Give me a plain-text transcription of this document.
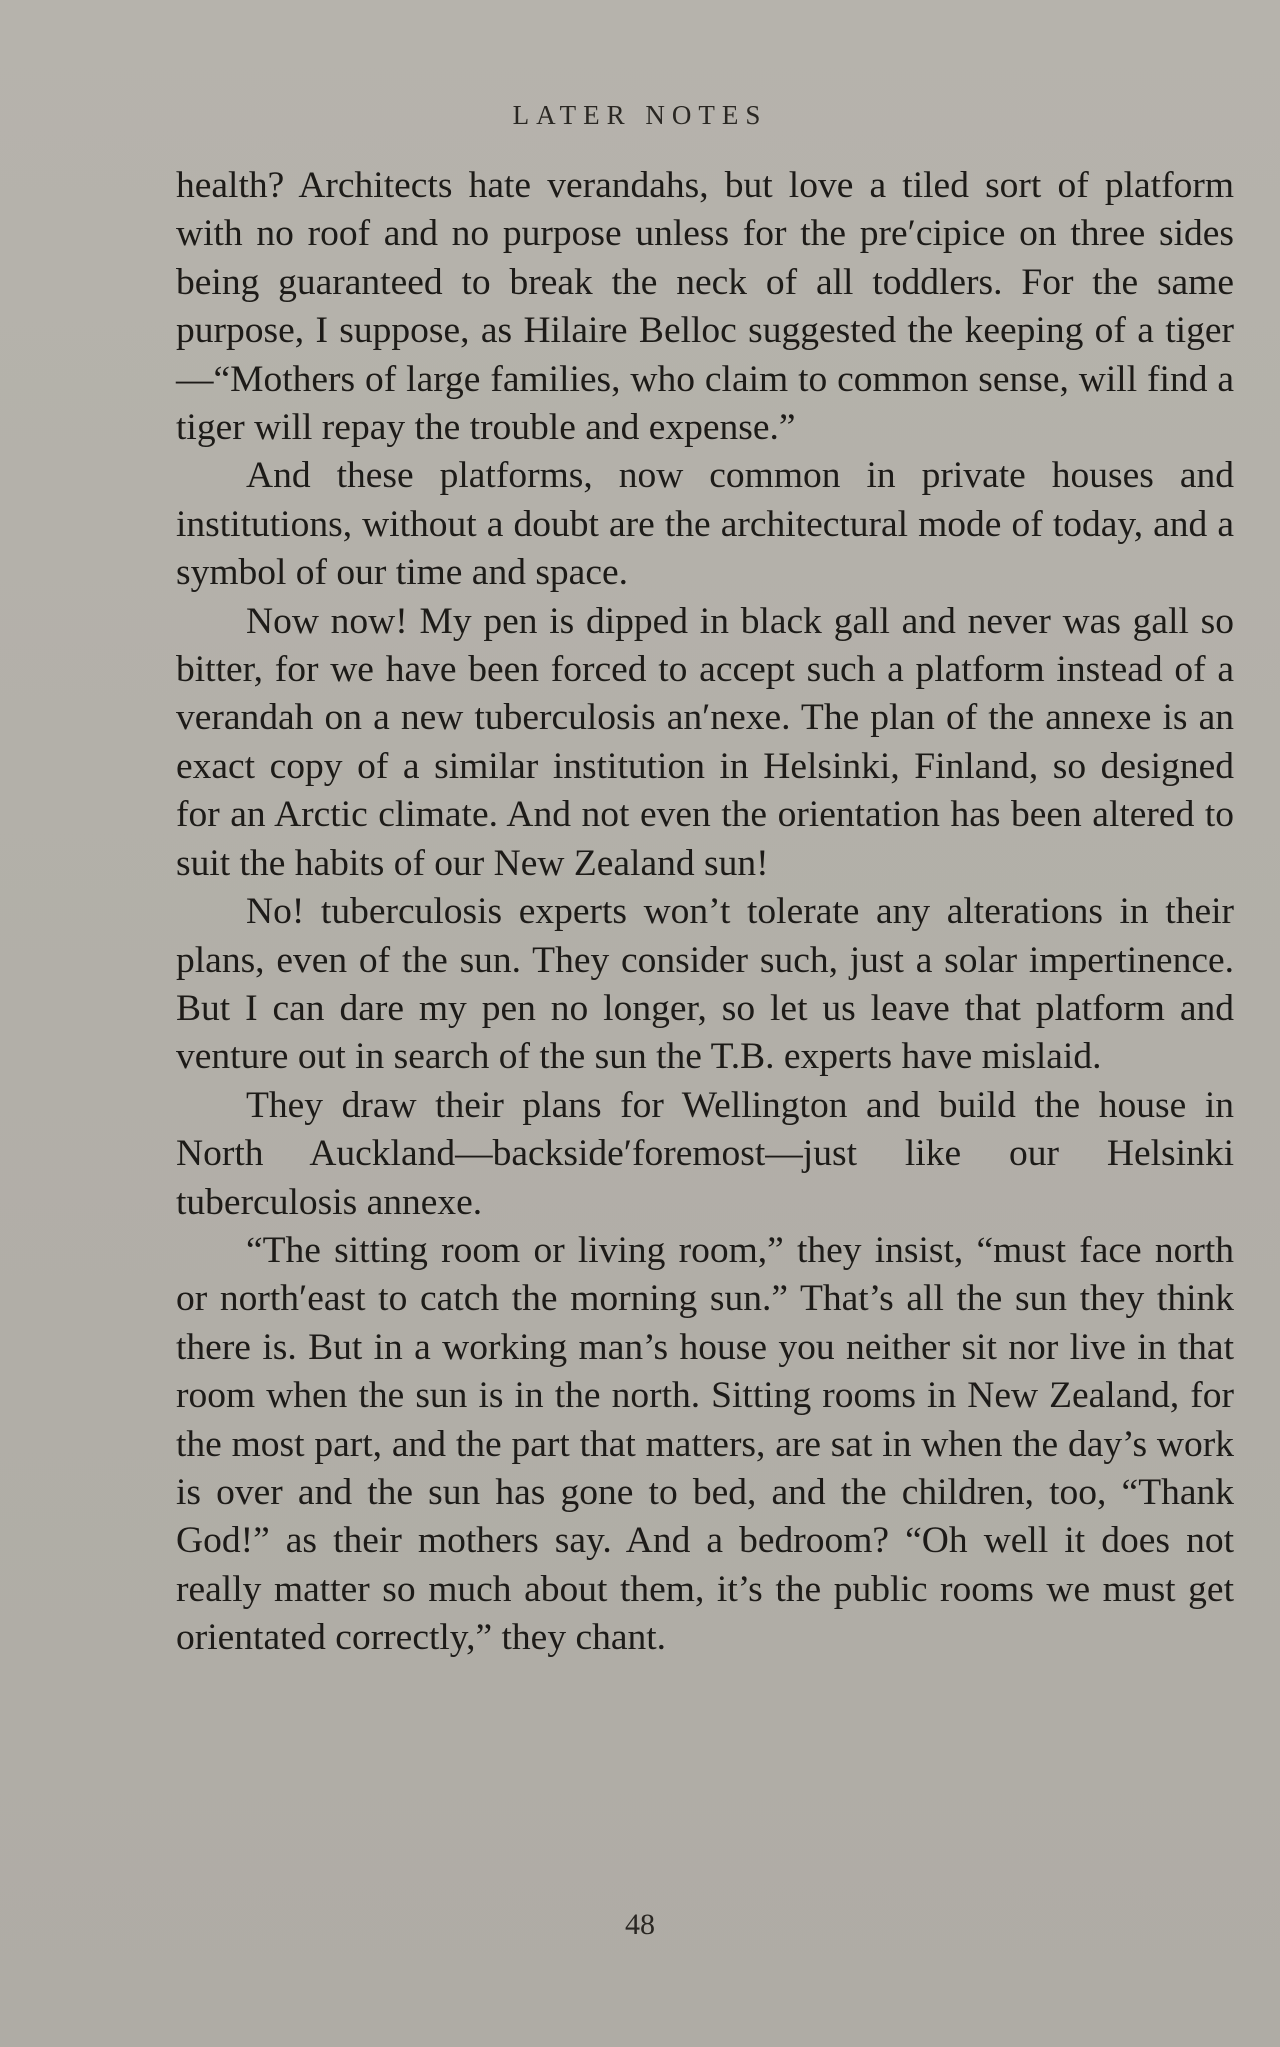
LATER NOTES

health? Architects hate verandahs, but love a tiled sort of platform with no roof and no purpose unless for the pre′cipice on three sides being guaranteed to break the neck of all toddlers. For the same purpose, I suppose, as Hilaire Belloc suggested the keeping of a tiger—“Mothers of large families, who claim to common sense, will find a tiger will repay the trouble and expense.”

And these platforms, now common in private houses and institutions, without a doubt are the architectural mode of today, and a symbol of our time and space.

Now now! My pen is dipped in black gall and never was gall so bitter, for we have been forced to accept such a platform instead of a verandah on a new tuberculosis an′nexe. The plan of the annexe is an exact copy of a similar institution in Helsinki, Finland, so designed for an Arctic climate. And not even the orientation has been altered to suit the habits of our New Zealand sun!

No! tuberculosis experts won’t tolerate any alterations in their plans, even of the sun. They consider such, just a solar impertinence. But I can dare my pen no longer, so let us leave that platform and venture out in search of the sun the T.B. experts have mislaid.

They draw their plans for Wellington and build the house in North Auckland—backside′foremost—just like our Helsinki tuberculosis annexe.

“The sitting room or living room,” they insist, “must face north or north′east to catch the morning sun.” That’s all the sun they think there is. But in a working man’s house you neither sit nor live in that room when the sun is in the north. Sitting rooms in New Zealand, for the most part, and the part that matters, are sat in when the day’s work is over and the sun has gone to bed, and the children, too, “Thank God!” as their mothers say. And a bedroom? “Oh well it does not really matter so much about them, it’s the public rooms we must get orientated correctly,” they chant.

48
